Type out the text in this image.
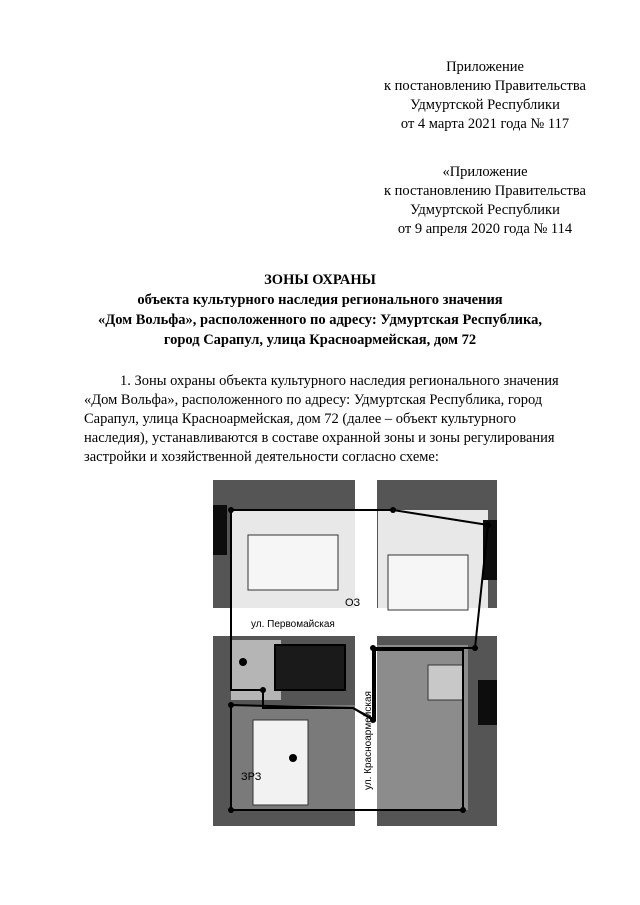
Приложение
к постановлению Правительства
Удмуртской Республики
от 4 марта 2021 года № 117
«Приложение
к постановлению Правительства
Удмуртской Республики
от 9 апреля 2020 года № 114
ЗОНЫ ОХРАНЫ
объекта культурного наследия регионального значения
«Дом Вольфа», расположенного по адресу: Удмуртская Республика,
город Сарапул, улица Красноармейская, дом 72
1. Зоны охраны объекта культурного наследия регионального значения
«Дом Вольфа», расположенного по адресу: Удмуртская Республика, город
Сарапул, улица Красноармейская, дом 72 (далее – объект культурного
наследия), устанавливаются в составе охранной зоны и зоны регулирования
застройки и хозяйственной деятельности согласно схеме:
ул. Первомайская
ул. Красноармейская
ОЗ
ЗРЗ
